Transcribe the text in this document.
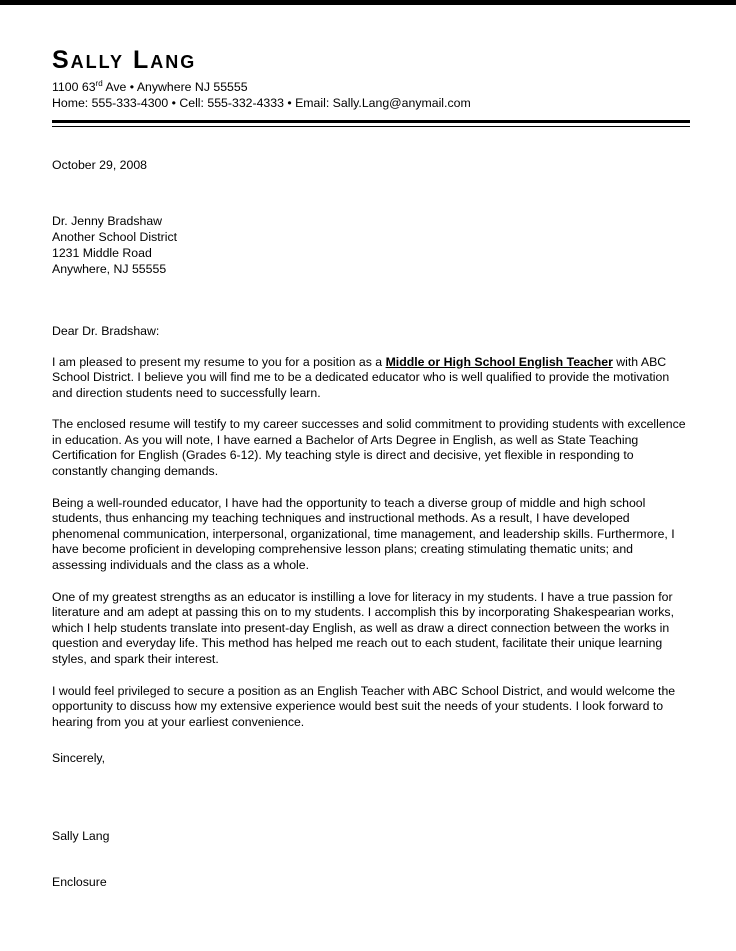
Sally Lang
1100 63rd Ave • Anywhere NJ 55555
Home: 555-333-4300 • Cell: 555-332-4333 • Email: Sally.Lang@anymail.com
October 29, 2008
Dr. Jenny Bradshaw
Another School District
1231 Middle Road
Anywhere, NJ 55555
Dear Dr. Bradshaw:

I am pleased to present my resume to you for a position as a Middle or High School English Teacher with ABC School District. I believe you will find me to be a dedicated educator who is well qualified to provide the motivation and direction students need to successfully learn.

The enclosed resume will testify to my career successes and solid commitment to providing students with excellence in education. As you will note, I have earned a Bachelor of Arts Degree in English, as well as State Teaching Certification for English (Grades 6-12). My teaching style is direct and decisive, yet flexible in responding to constantly changing demands.

Being a well-rounded educator, I have had the opportunity to teach a diverse group of middle and high school students, thus enhancing my teaching techniques and instructional methods. As a result, I have developed phenomenal communication, interpersonal, organizational, time management, and leadership skills. Furthermore, I have become proficient in developing comprehensive lesson plans; creating stimulating thematic units; and assessing individuals and the class as a whole.

One of my greatest strengths as an educator is instilling a love for literacy in my students. I have a true passion for literature and am adept at passing this on to my students. I accomplish this by incorporating Shakespearian works, which I help students translate into present-day English, as well as draw a direct connection between the works in question and everyday life. This method has helped me reach out to each student, facilitate their unique learning styles, and spark their interest.

I would feel privileged to secure a position as an English Teacher with ABC School District, and would welcome the opportunity to discuss how my extensive experience would best suit the needs of your students. I look forward to hearing from you at your earliest convenience.

Sincerely,
Sally Lang
Enclosure
